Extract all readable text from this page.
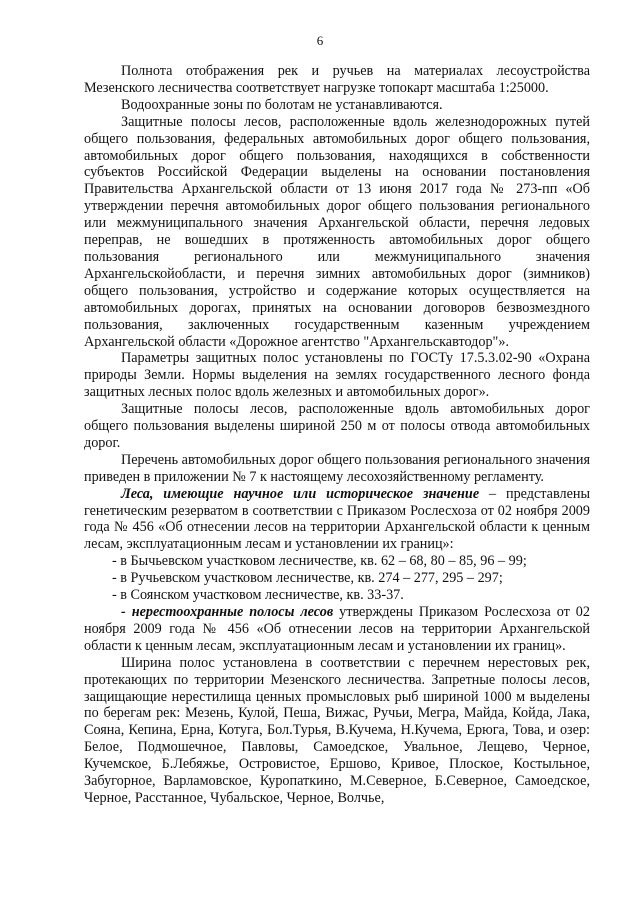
6

Полнота отображения рек и ручьев на материалах лесоустройства Мезенского лесничества соответствует нагрузке топокарт масштаба 1:25000.

Водоохранные зоны по болотам не устанавливаются.

Защитные полосы лесов, расположенные вдоль железнодорожных путей общего пользования, федеральных автомобильных дорог общего пользования, автомобильных дорог общего пользования, находящихся в собственности субъектов Российской Федерации выделены на основании постановления Правительства Архангельской области от 13 июня 2017 года № 273-пп «Об утверждении перечня автомобильных дорог общего пользования регионального или межмуниципального значения Архангельской области, перечня ледовых переправ, не вошедших в протяженность автомобильных дорог общего пользования регионального или межмуниципального значения Архангельскойобласти, и перечня зимних автомобильных дорог (зимников) общего пользования, устройство и содержание которых осуществляется на автомобильных дорогах, принятых на основании договоров безвозмездного пользования, заключенных государственным казенным учреждением Архангельской области «Дорожное агентство "Архангельскавтодор"».

Параметры защитных полос установлены по ГОСТу 17.5.3.02-90 «Охрана природы Земли. Нормы выделения на землях государственного лесного фонда защитных лесных полос вдоль железных и автомобильных дорог».

Защитные полосы лесов, расположенные вдоль автомобильных дорог общего пользования выделены шириной 250 м от полосы отвода автомобильных дорог.

Перечень автомобильных дорог общего пользования регионального значения приведен в приложении № 7 к настоящему лесохозяйственному регламенту.

Леса, имеющие научное или историческое значение – представлены генетическим резерватом в соответствии с Приказом Рослесхоза от 02 ноября 2009 года № 456 «Об отнесении лесов на территории Архангельской области к ценным лесам, эксплуатационным лесам и установлении их границ»:

- в Бычьевском участковом лесничестве, кв. 62 – 68, 80 – 85, 96 – 99;
- в Ручьевском участковом лесничестве, кв. 274 – 277, 295 – 297;
- в Соянском участковом лесничестве, кв. 33-37.

- нерестоохранные полосы лесов утверждены Приказом Рослесхоза от 02 ноября 2009 года № 456 «Об отнесении лесов на территории Архангельской области к ценным лесам, эксплуатационным лесам и установлении их границ».

Ширина полос установлена в соответствии с перечнем нерестовых рек, протекающих по территории Мезенского лесничества. Запретные полосы лесов, защищающие нерестилища ценных промысловых рыб шириной 1000 м выделены по берегам рек: Мезень, Кулой, Пеша, Вижас, Ручьи, Мегра, Майда, Койда, Лака, Сояна, Кепина, Ерна, Котуга, Бол.Турья, В.Кучема, Н.Кучема, Ерюга, Това, и озер: Белое, Подмошечное, Павловы, Самоедское, Увальное, Лещево, Черное, Кучемское, Б.Лебяжье, Островистое, Ершово, Кривое, Плоское, Костыльное, Забугорное, Варламовское, Куропаткино, М.Северное, Б.Северное, Самоедское, Черное, Расстанное, Чубальское, Черное, Волчье,
